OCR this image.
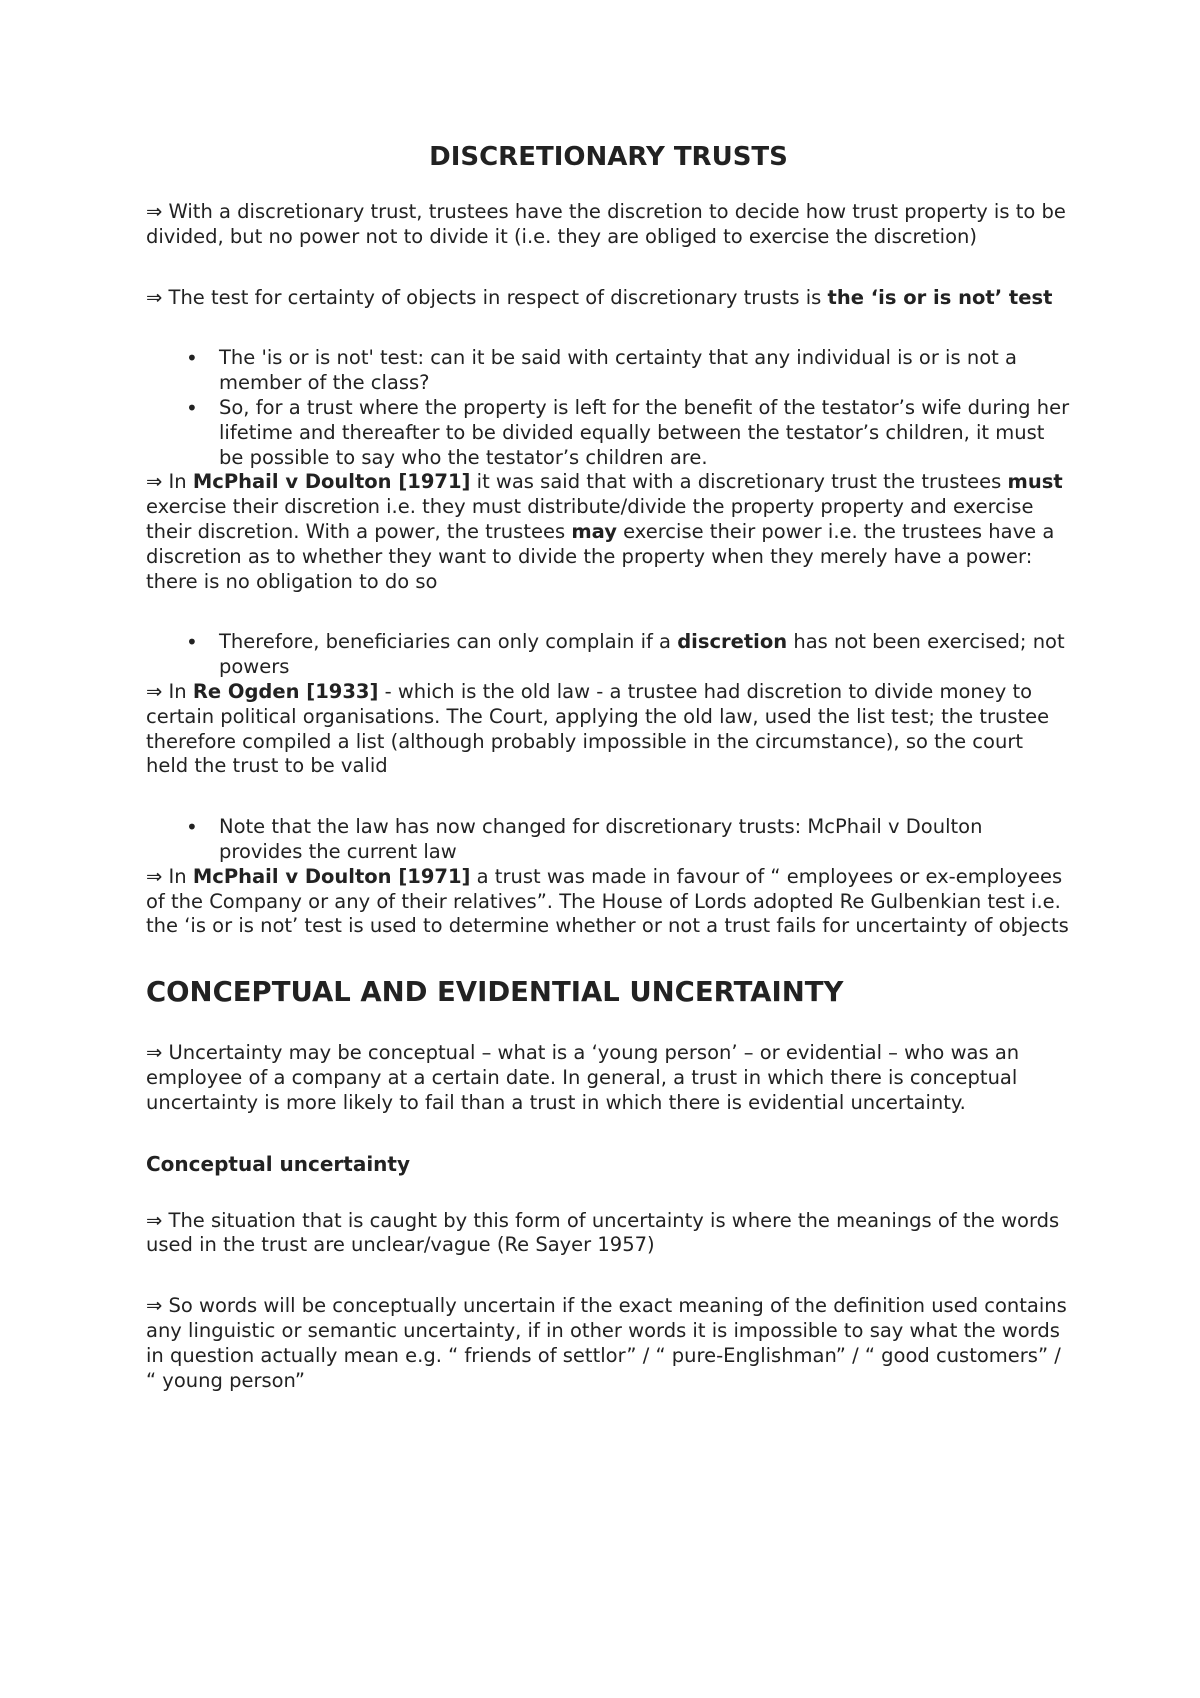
DISCRETIONARY TRUSTS

⇒ With a discretionary trust, trustees have the discretion to decide how trust property is to be divided, but no power not to divide it (i.e. they are obliged to exercise the discretion)

⇒ The test for certainty of objects in respect of discretionary trusts is the ‘is or is not’ test

• The 'is or is not' test: can it be said with certainty that any individual is or is not a member of the class?
• So, for a trust where the property is left for the benefit of the testator’s wife during her lifetime and thereafter to be divided equally between the testator’s children, it must be possible to say who the testator’s children are.

⇒ In McPhail v Doulton [1971] it was said that with a discretionary trust the trustees must exercise their discretion i.e. they must distribute/divide the property property and exercise their discretion. With a power, the trustees may exercise their power i.e. the trustees have a discretion as to whether they want to divide the property when they merely have a power: there is no obligation to do so

• Therefore, beneficiaries can only complain if a discretion has not been exercised; not powers

⇒ In Re Ogden [1933] - which is the old law - a trustee had discretion to divide money to certain political organisations. The Court, applying the old law, used the list test; the trustee therefore compiled a list (although probably impossible in the circumstance), so the court held the trust to be valid

• Note that the law has now changed for discretionary trusts: McPhail v Doulton provides the current law

⇒ In McPhail v Doulton [1971] a trust was made in favour of “ employees or ex-employees of the Company or any of their relatives”. The House of Lords adopted Re Gulbenkian test i.e. the ‘is or is not’ test is used to determine whether or not a trust fails for uncertainty of objects

CONCEPTUAL AND EVIDENTIAL UNCERTAINTY

⇒ Uncertainty may be conceptual – what is a ‘young person’ – or evidential – who was an employee of a company at a certain date. In general, a trust in which there is conceptual uncertainty is more likely to fail than a trust in which there is evidential uncertainty.

Conceptual uncertainty

⇒ The situation that is caught by this form of uncertainty is where the meanings of the words used in the trust are unclear/vague (Re Sayer 1957)

⇒ So words will be conceptually uncertain if the exact meaning of the definition used contains any linguistic or semantic uncertainty, if in other words it is impossible to say what the words in question actually mean e.g. “ friends of settlor” / “ pure-Englishman” / “ good customers” / “ young person”
